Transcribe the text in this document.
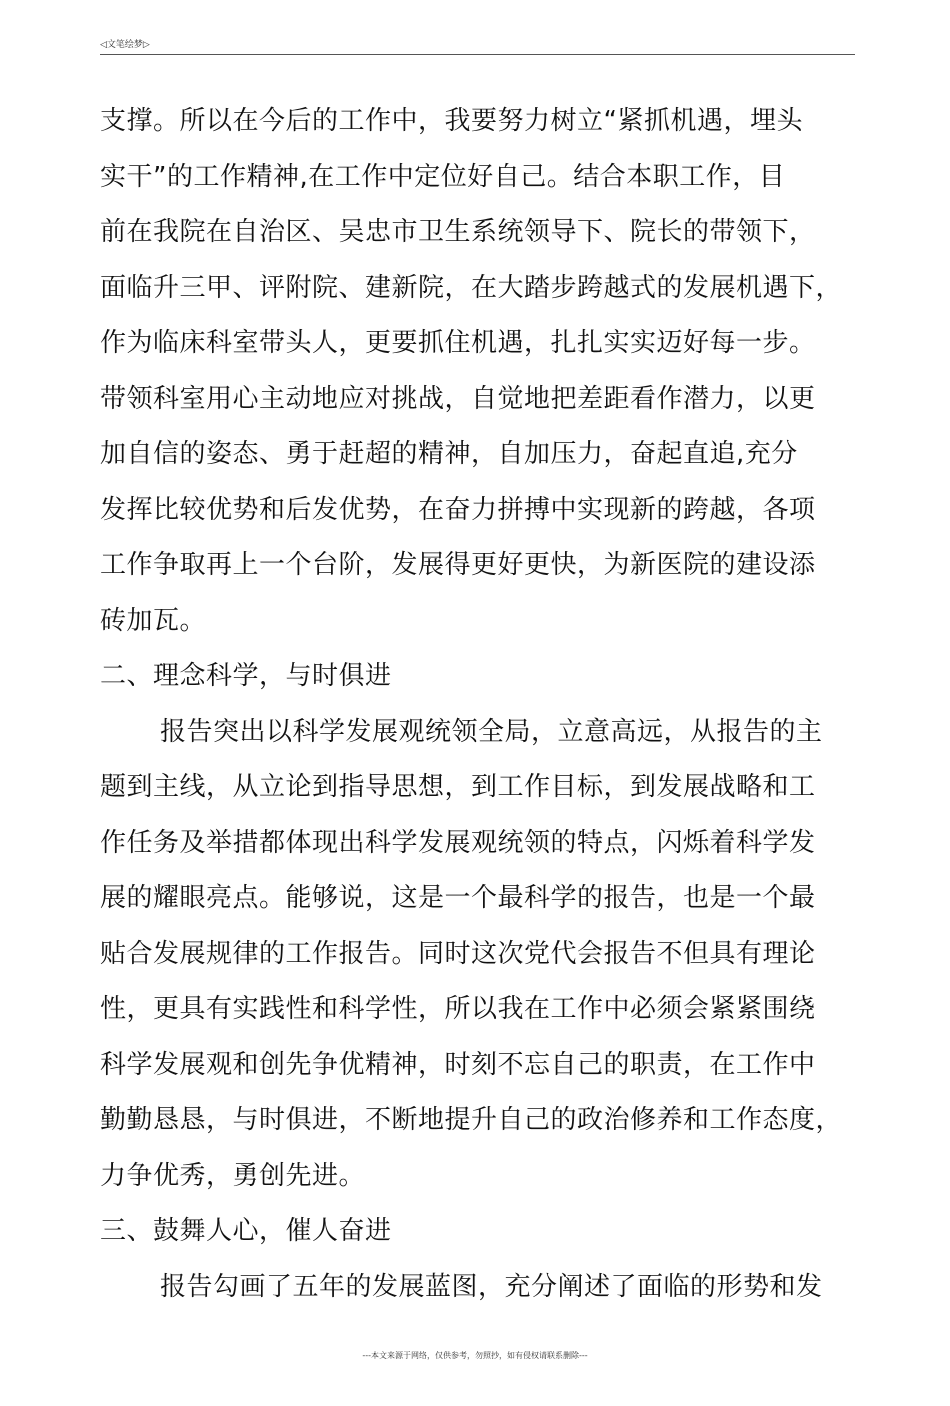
◁文笔绘梦▷
支撑。所以在今后的工作中，我要努力树立“紧抓机遇，埋头
实干”的工作精神,在工作中定位好自己。结合本职工作，目
前在我院在自治区、吴忠市卫生系统领导下、院长的带领下，
面临升三甲、评附院、建新院，在大踏步跨越式的发展机遇下，
作为临床科室带头人，更要抓住机遇，扎扎实实迈好每一步。
带领科室用心主动地应对挑战，自觉地把差距看作潜力，以更
加自信的姿态、勇于赶超的精神，自加压力，奋起直追,充分
发挥比较优势和后发优势，在奋力拼搏中实现新的跨越，各项
工作争取再上一个台阶，发展得更好更快，为新医院的建设添
砖加瓦。
二、理念科学，与时俱进
报告突出以科学发展观统领全局，立意高远，从报告的主
题到主线，从立论到指导思想，到工作目标，到发展战略和工
作任务及举措都体现出科学发展观统领的特点，闪烁着科学发
展的耀眼亮点。能够说，这是一个最科学的报告，也是一个最
贴合发展规律的工作报告。同时这次党代会报告不但具有理论
性，更具有实践性和科学性，所以我在工作中必须会紧紧围绕
科学发展观和创先争优精神，时刻不忘自己的职责，在工作中
勤勤恳恳，与时俱进，不断地提升自己的政治修养和工作态度，
力争优秀，勇创先进。
三、鼓舞人心，催人奋进
报告勾画了五年的发展蓝图，充分阐述了面临的形势和发
---本文来源于网络，仅供参考，勿照抄，如有侵权请联系删除---
